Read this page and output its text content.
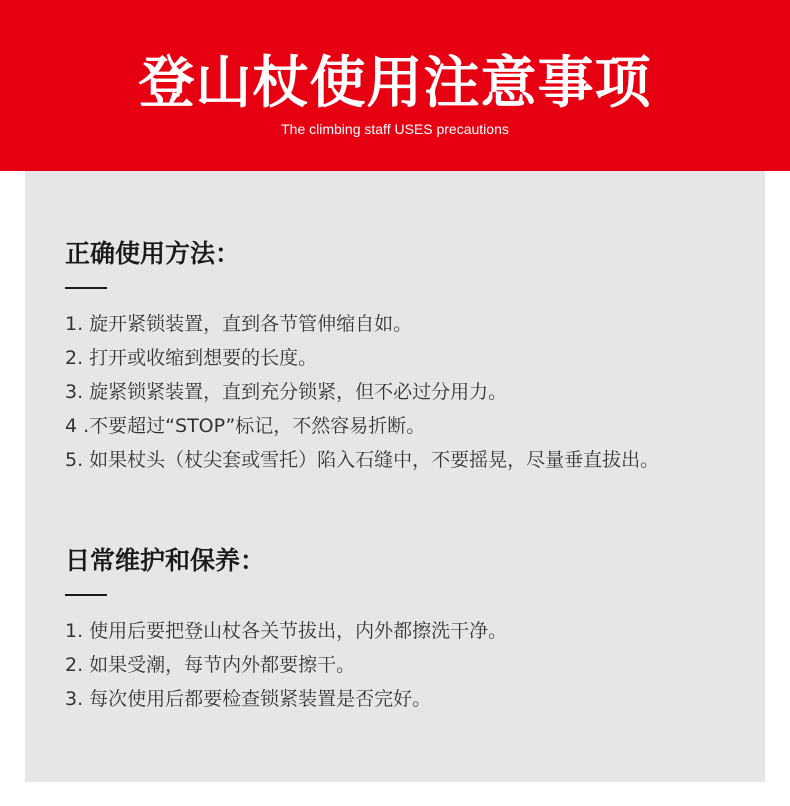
登山杖使用注意事项
The climbing staff USES precautions
正确使用方法：
1. 旋开紧锁装置，直到各节管伸缩自如。
2. 打开或收缩到想要的长度。
3. 旋紧锁紧装置，直到充分锁紧，但不必过分用力。
4 .不要超过“STOP”标记，不然容易折断。
5. 如果杖头（杖尖套或雪托）陷入石缝中，不要摇晃，尽量垂直拔出。
日常维护和保养：
1. 使用后要把登山杖各关节拔出，内外都擦洗干净。
2. 如果受潮，每节内外都要擦干。
3. 每次使用后都要检查锁紧装置是否完好。
